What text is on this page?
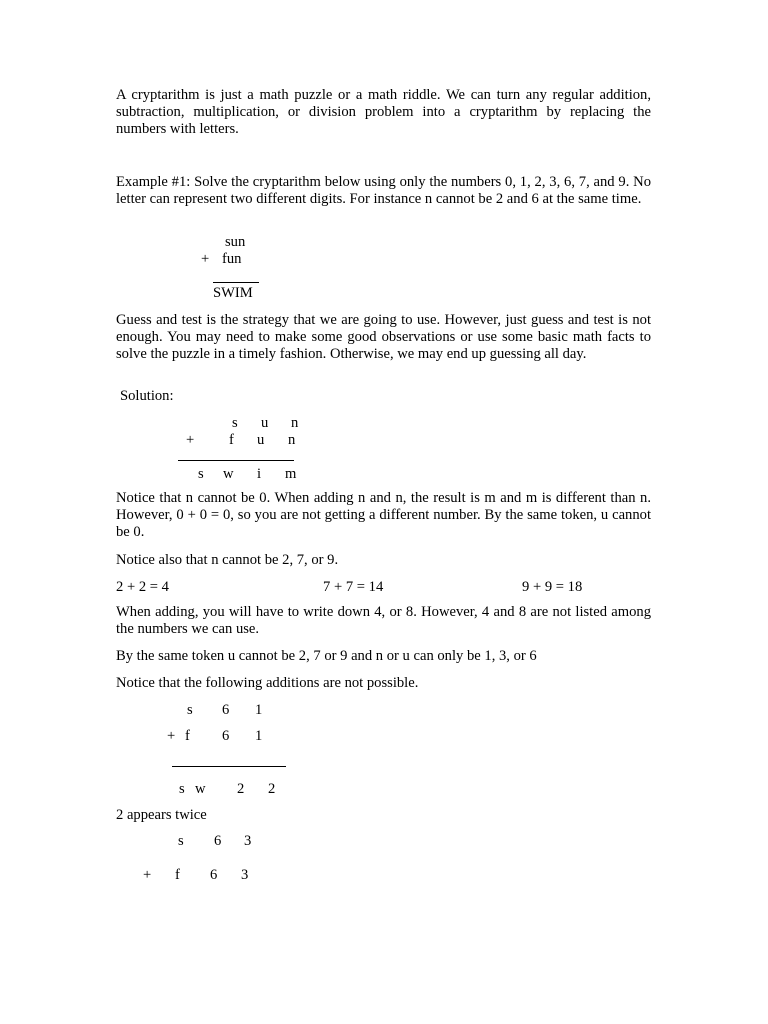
A cryptarithm is just a math puzzle or a math riddle. We can turn any regular addition, subtraction, multiplication, or division problem into a cryptarithm by replacing the numbers with letters.

Example #1: Solve the cryptarithm below using only the numbers 0, 1, 2, 3, 6, 7, and 9. No letter can represent two different digits. For instance n cannot be 2 and 6 at the same time.

sun
+ fun
SWIM

Guess and test is the strategy that we are going to use. However, just guess and test is not enough. You may need to make some good observations or use some basic math facts to solve the puzzle in a timely fashion. Otherwise, we may end up guessing all day.

Solution:
s u n
+ f u n
s w i m

Notice that n cannot be 0. When adding n and n, the result is m and m is different than n. However, 0 + 0 = 0, so you are not getting a different number. By the same token, u cannot be 0.

Notice also that n cannot be 2, 7, or 9.

2 + 2 = 4	7 + 7 = 14	9 + 9 = 18

When adding, you will have to write down 4, or 8. However, 4 and 8 are not listed among the numbers we can use.

By the same token u cannot be 2, 7 or 9 and n or u can only be 1, 3, or 6

Notice that the following additions are not possible.

s 6 1
+ f 6 1
s w 2 2
2 appears twice
s 6 3
+ f 6 3
